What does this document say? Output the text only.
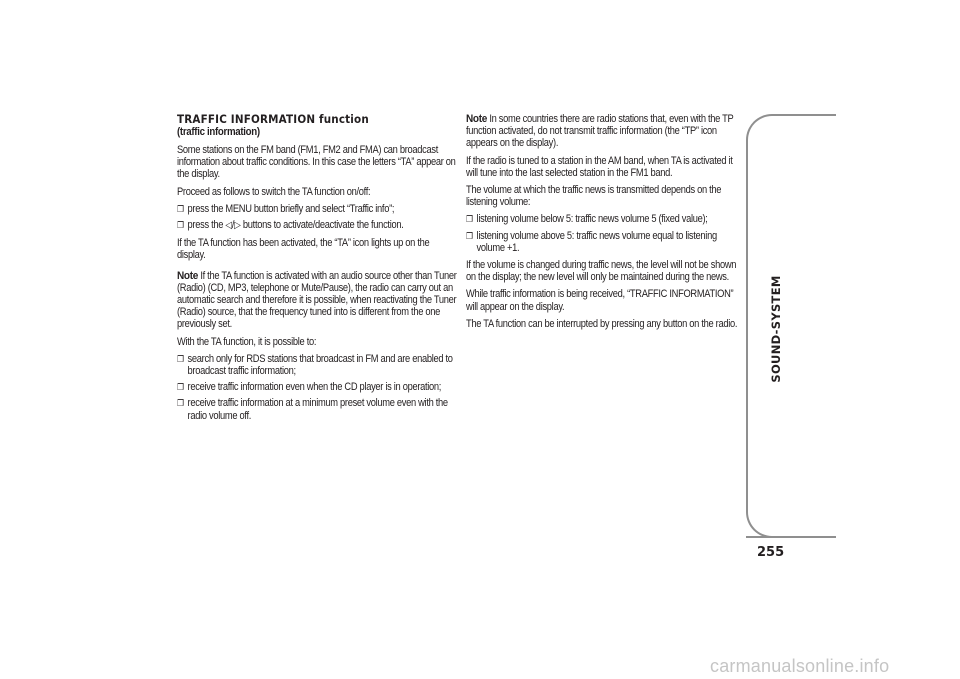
TRAFFIC INFORMATION function
(traffic information)

Some stations on the FM band (FM1, FM2 and FMA) can broadcast information about traffic conditions. In this case the letters “TA” appear on the display.

Proceed as follows to switch the TA function on/off:

❐ press the MENU button briefly and select “Traffic info”;
❐ press the ◁/▷ buttons to activate/deactivate the function.

If the TA function has been activated, the “TA” icon lights up on the display.

Note If the TA function is activated with an audio source other than Tuner (Radio) (CD, MP3, telephone or Mute/Pause), the radio can carry out an automatic search and therefore it is possible, when reactivating the Tuner (Radio) source, that the frequency tuned into is different from the one previously set.

With the TA function, it is possible to:

❐ search only for RDS stations that broadcast in FM and are enabled to broadcast traffic information;
❐ receive traffic information even when the CD player is in operation;
❐ receive traffic information at a minimum preset volume even with the radio volume off.

Note In some countries there are radio stations that, even with the TP function activated, do not transmit traffic information (the “TP” icon appears on the display).

If the radio is tuned to a station in the AM band, when TA is activated it will tune into the last selected station in the FM1 band.

The volume at which the traffic news is transmitted depends on the listening volume:

❐ listening volume below 5: traffic news volume 5 (fixed value);
❐ listening volume above 5: traffic news volume equal to listening volume +1.

If the volume is changed during traffic news, the level will not be shown on the display; the new level will only be maintained during the news.

While traffic information is being received, “TRAFFIC INFORMATION” will appear on the display.

The TA function can be interrupted by pressing any button on the radio.	SOUND-SYSTEM
255
carmanualsonline.info
